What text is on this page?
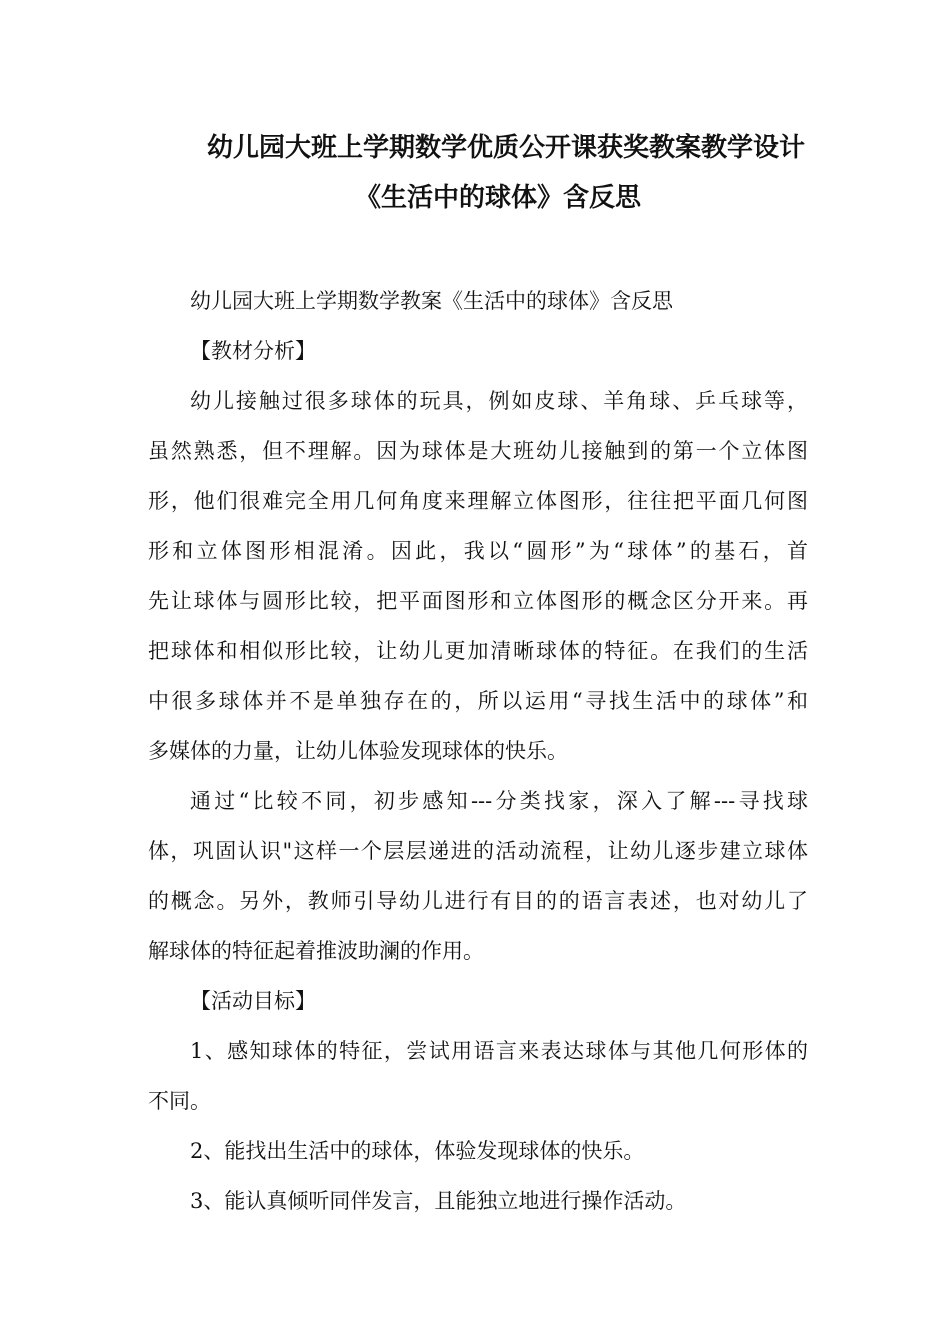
幼儿园大班上学期数学优质公开课获奖教案教学设计
《生活中的球体》含反思
幼儿园大班上学期数学教案《生活中的球体》含反思
【教材分析】
幼儿接触过很多球体的玩具，例如皮球、羊角球、乒乓球等，
虽然熟悉，但不理解。因为球体是大班幼儿接触到的第一个立体图
形，他们很难完全用几何角度来理解立体图形，往往把平面几何图
形和立体图形相混淆。因此，我以“圆形”为“球体”的基石，首
先让球体与圆形比较，把平面图形和立体图形的概念区分开来。再
把球体和相似形比较，让幼儿更加清晰球体的特征。在我们的生活
中很多球体并不是单独存在的，所以运用“寻找生活中的球体”和
多媒体的力量，让幼儿体验发现球体的快乐。
通过“比较不同，初步感知---分类找家，深入了解---寻找球
体，巩固认识"这样一个层层递进的活动流程，让幼儿逐步建立球体
的概念。另外，教师引导幼儿进行有目的的语言表述，也对幼儿了
解球体的特征起着推波助澜的作用。
【活动目标】
1、感知球体的特征，尝试用语言来表达球体与其他几何形体的
不同。
2、能找出生活中的球体，体验发现球体的快乐。
3、能认真倾听同伴发言，且能独立地进行操作活动。
